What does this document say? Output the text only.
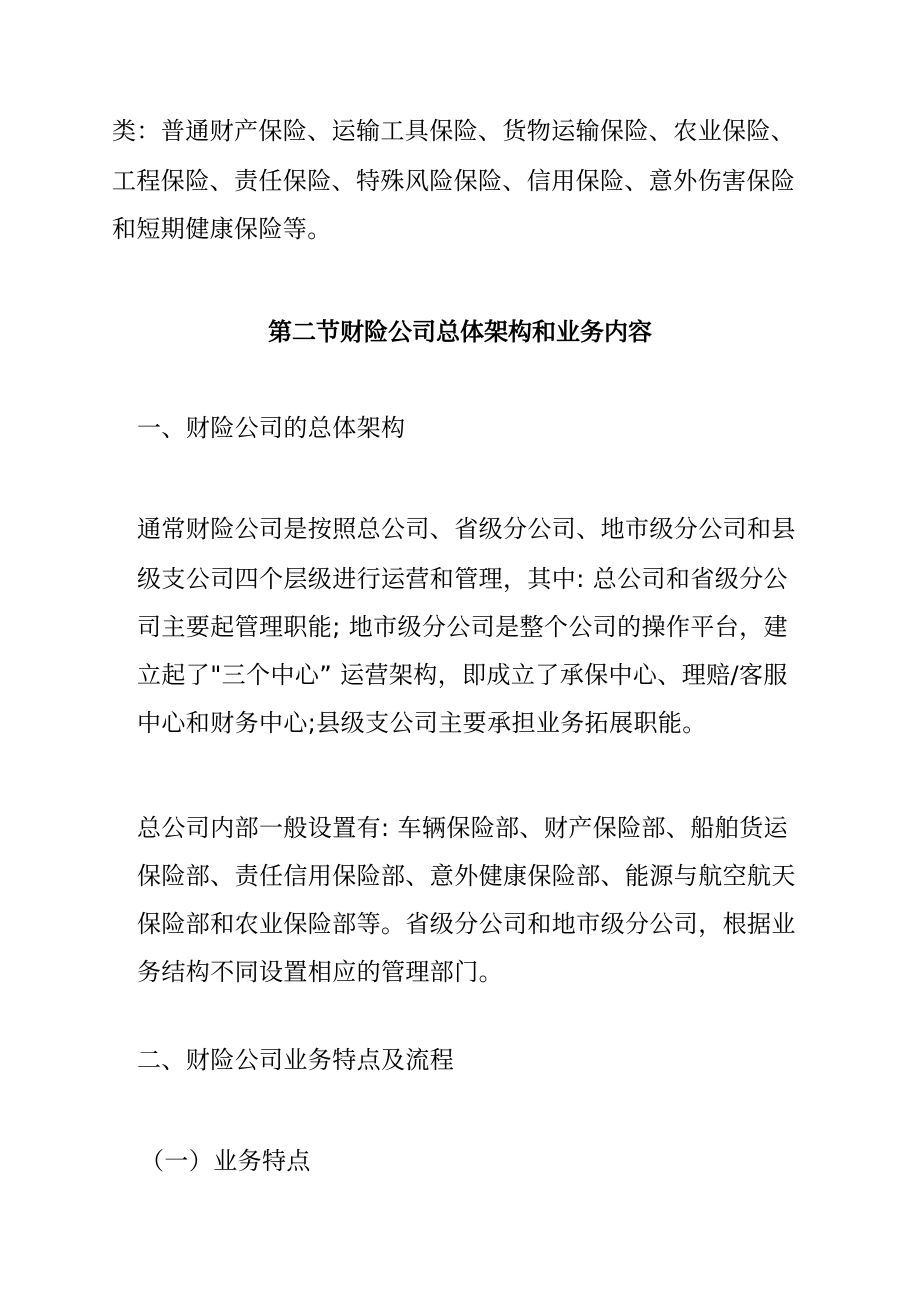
类：普通财产保险、运输工具保险、货物运输保险、农业保险、
工程保险、责任保险、特殊风险保险、信用保险、意外伤害保险
和短期健康保险等。
第二节财险公司总体架构和业务内容
一、财险公司的总体架构
通常财险公司是按照总公司、省级分公司、地市级分公司和县
级支公司四个层级进行运营和管理，其中: 总公司和省级分公
司主要起管理职能; 地市级分公司是整个公司的操作平台，建
立起了"三个中心” 运营架构，即成立了承保中心、理赔/客服
中心和财务中心;县级支公司主要承担业务拓展职能。
总公司内部一般设置有: 车辆保险部、财产保险部、船舶货运
保险部、责任信用保险部、意外健康保险部、能源与航空航天
保险部和农业保险部等。省级分公司和地市级分公司，根据业
务结构不同设置相应的管理部门。
二、财险公司业务特点及流程
（一）业务特点
